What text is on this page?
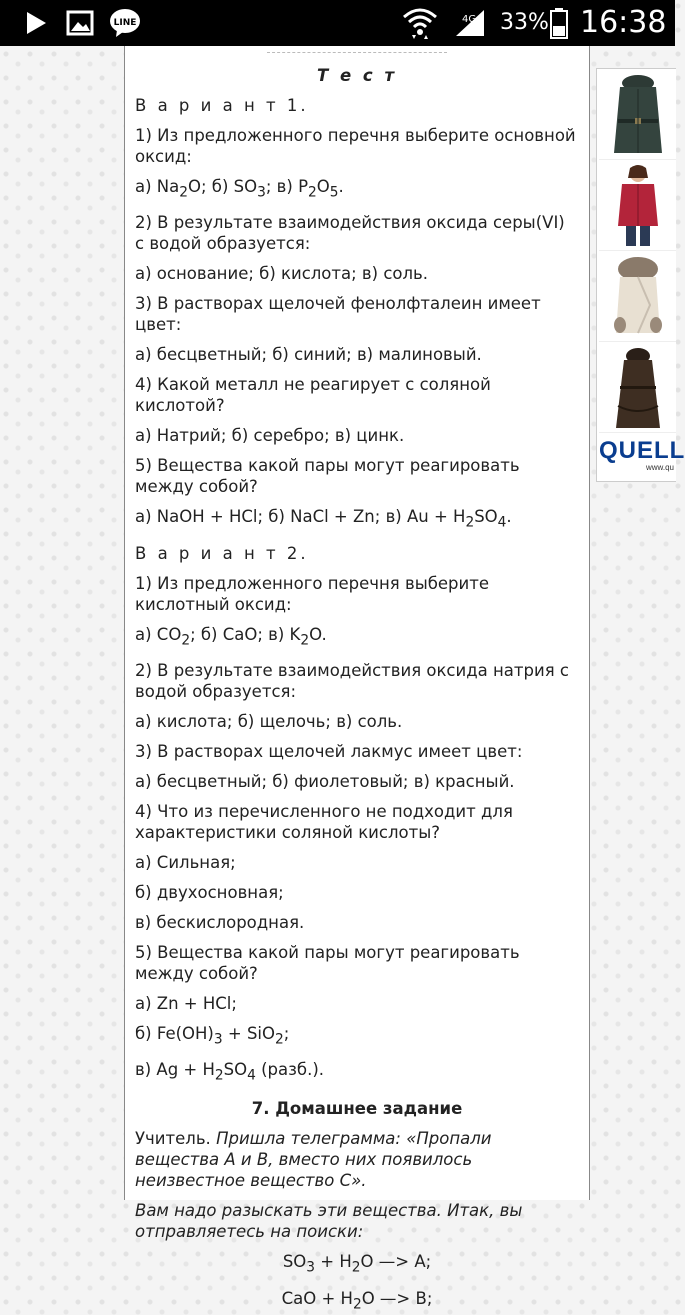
LINE	4G 33% 16:38

Т е с т

В а р и а н т 1.

1) Из предложенного перечня выберите основной оксид:

а) $Na_2O$; б) $SO_3$; в) $P_2O_5$.

2) В результате взаимодействия оксида серы(VI) с водой образуется:

а) основание; б) кислота; в) соль.

3) В растворах щелочей фенолфталеин имеет цвет:

а) бесцветный; б) синий; в) малиновый.

4) Какой металл не реагирует с соляной кислотой?

а) Натрий; б) серебро; в) цинк.

5) Вещества какой пары могут реагировать между собой?

а) NaOH + HCl; б) NaCl + Zn; в) $Au + H_2SO_4$.

В а р и а н т 2.

1) Из предложенного перечня выберите кислотный оксид:

а) $CO_2$; б) CaO; в) $K_2O$.

2) В результате взаимодействия оксида натрия с водой образуется:

а) кислота; б) щелочь; в) соль.

3) В растворах щелочей лакмус имеет цвет:

а) бесцветный; б) фиолетовый; в) красный.

4) Что из перечисленного не подходит для характеристики соляной кислоты?

а) Сильная;

б) двухосновная;

в) бескислородная.

5) Вещества какой пары могут реагировать между собой?

а) Zn + HCl;

б) $Fe(OH)_3 + SiO_2$;

в) $Ag + H_2SO_4$ (разб.).

7. Домашнее задание

Учитель. Пришла телеграмма: «Пропали вещества А и В, вместо них появилось неизвестное вещество С».

Вам надо разыскать эти вещества. Итак, вы отправляетесь на поиски:

$SO_3 + H_2O$ —> A;

CaO + $H_2O$ —> B;

QUELL
www.qu
